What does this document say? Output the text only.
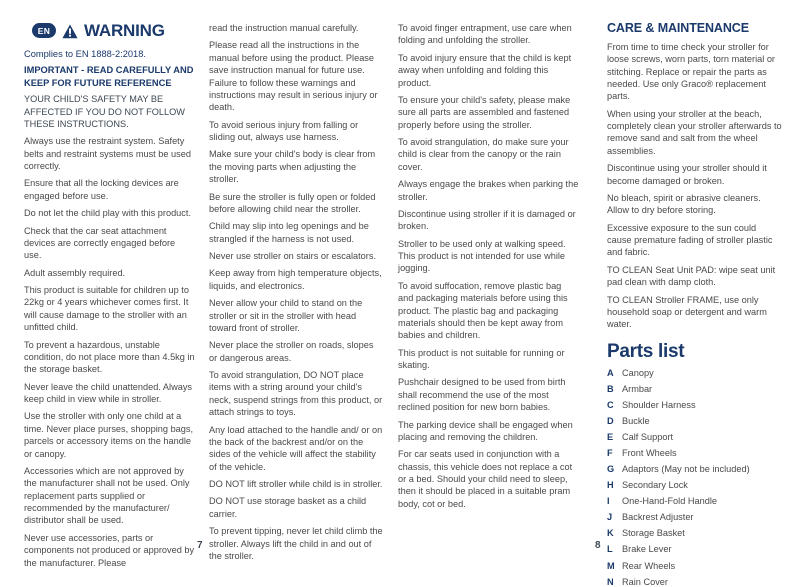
EN	WARNING

Complies to EN 1888-2:2018.

IMPORTANT - READ CAREFULLY AND KEEP FOR FUTURE REFERENCE

YOUR CHILD'S SAFETY MAY BE AFFECTED IF YOU DO NOT FOLLOW THESE INSTRUCTIONS.

Always use the restraint system. Safety belts and restraint systems must be used correctly.

Ensure that all the locking devices are engaged before use.

Do not let the child play with this product.

Check that the car seat attachment devices are correctly engaged before use.

Adult assembly required.

This product is suitable for children up to 22kg or 4 years whichever comes first. It will cause damage to the stroller with an unfitted child.

To prevent a hazardous, unstable condition, do not place more than 4.5kg in the storage basket.

Never leave the child unattended. Always keep child in view while in stroller.

Use the stroller with only one child at a time. Never place purses, shopping bags, parcels or accessory items on the handle or canopy.

Accessories which are not approved by the manufacturer shall not be used. Only replacement parts supplied or recommended by the manufacturer/ distributor shall be used.

Never use accessories, parts or components not produced or approved by the manufacturer. Please

read the instruction manual carefully.

Please read all the instructions in the manual before using the product. Please save instruction manual for future use. Failure to follow these warnings and instructions may result in serious injury or death.

To avoid serious injury from falling or sliding out, always use harness.

Make sure your child's body is clear from the moving parts when adjusting the stroller.

Be sure the stroller is fully open or folded before allowing child near the stroller.

Child may slip into leg openings and be strangled if the harness is not used.

Never use stroller on stairs or escalators.

Keep away from high temperature objects, liquids, and electronics.

Never allow your child to stand on the stroller or sit in the stroller with head toward front of stroller.

Never place the stroller on roads, slopes or dangerous areas.

To avoid strangulation, DO NOT place items with a string around your child's neck, suspend strings from this product, or attach strings to toys.

Any load attached to the handle and/ or on the back of the backrest and/or on the sides of the vehicle will affect the stability of the vehicle.

DO NOT lift stroller while child is in stroller.

DO NOT use storage basket as a child carrier.

To prevent tipping, never let child climb the stroller. Always lift the child in and out of the stroller.

To avoid finger entrapment, use care when folding and unfolding the stroller.

To avoid injury ensure that the child is kept away when unfolding and folding this product.

To ensure your child's safety, please make sure all parts are assembled and fastened properly before using the stroller.

To avoid strangulation, do make sure your child is clear from the canopy or the rain cover.

Always engage the brakes when parking the stroller.

Discontinue using stroller if it is damaged or broken.

Stroller to be used only at walking speed. This product is not intended for use while jogging.

To avoid suffocation, remove plastic bag and packaging materials before using this product. The plastic bag and packaging materials should then be kept away from babies and children.

This product is not suitable for running or skating.

Pushchair designed to be used from birth shall recommend the use of the most reclined position for new born babies.

The parking device shall be engaged when placing and removing the children.

For car seats used in conjunction with a chassis, this vehicle does not replace a cot or a bed. Should your child need to sleep, then it should be placed in a suitable pram body, cot or bed.

CARE & MAINTENANCE

From time to time check your stroller for loose screws, worn parts, torn material or stitching. Replace or repair the parts as needed. Use only Graco® replacement parts.

When using your stroller at the beach, completely clean your stroller afterwards to remove sand and salt from the wheel assemblies.

Discontinue using your stroller should it become damaged or broken.

No bleach, spirit or abrasive cleaners. Allow to dry before storing.

Excessive exposure to the sun could cause premature fading of stroller plastic and fabric.

TO CLEAN Seat Unit PAD: wipe seat unit pad clean with damp cloth.

TO CLEAN Stroller FRAME, use only household soap or detergent and warm water.

Parts list
A Canopy
B Armbar
C Shoulder Harness
D Buckle
E Calf Support
F	Front Wheels
G Adaptors (May not be included)
H Secondary Lock
I	One-Hand-Fold Handle
J	Backrest Adjuster
K Storage Basket
L	Brake Lever
M Rear Wheels
N Rain Cover
7	8
